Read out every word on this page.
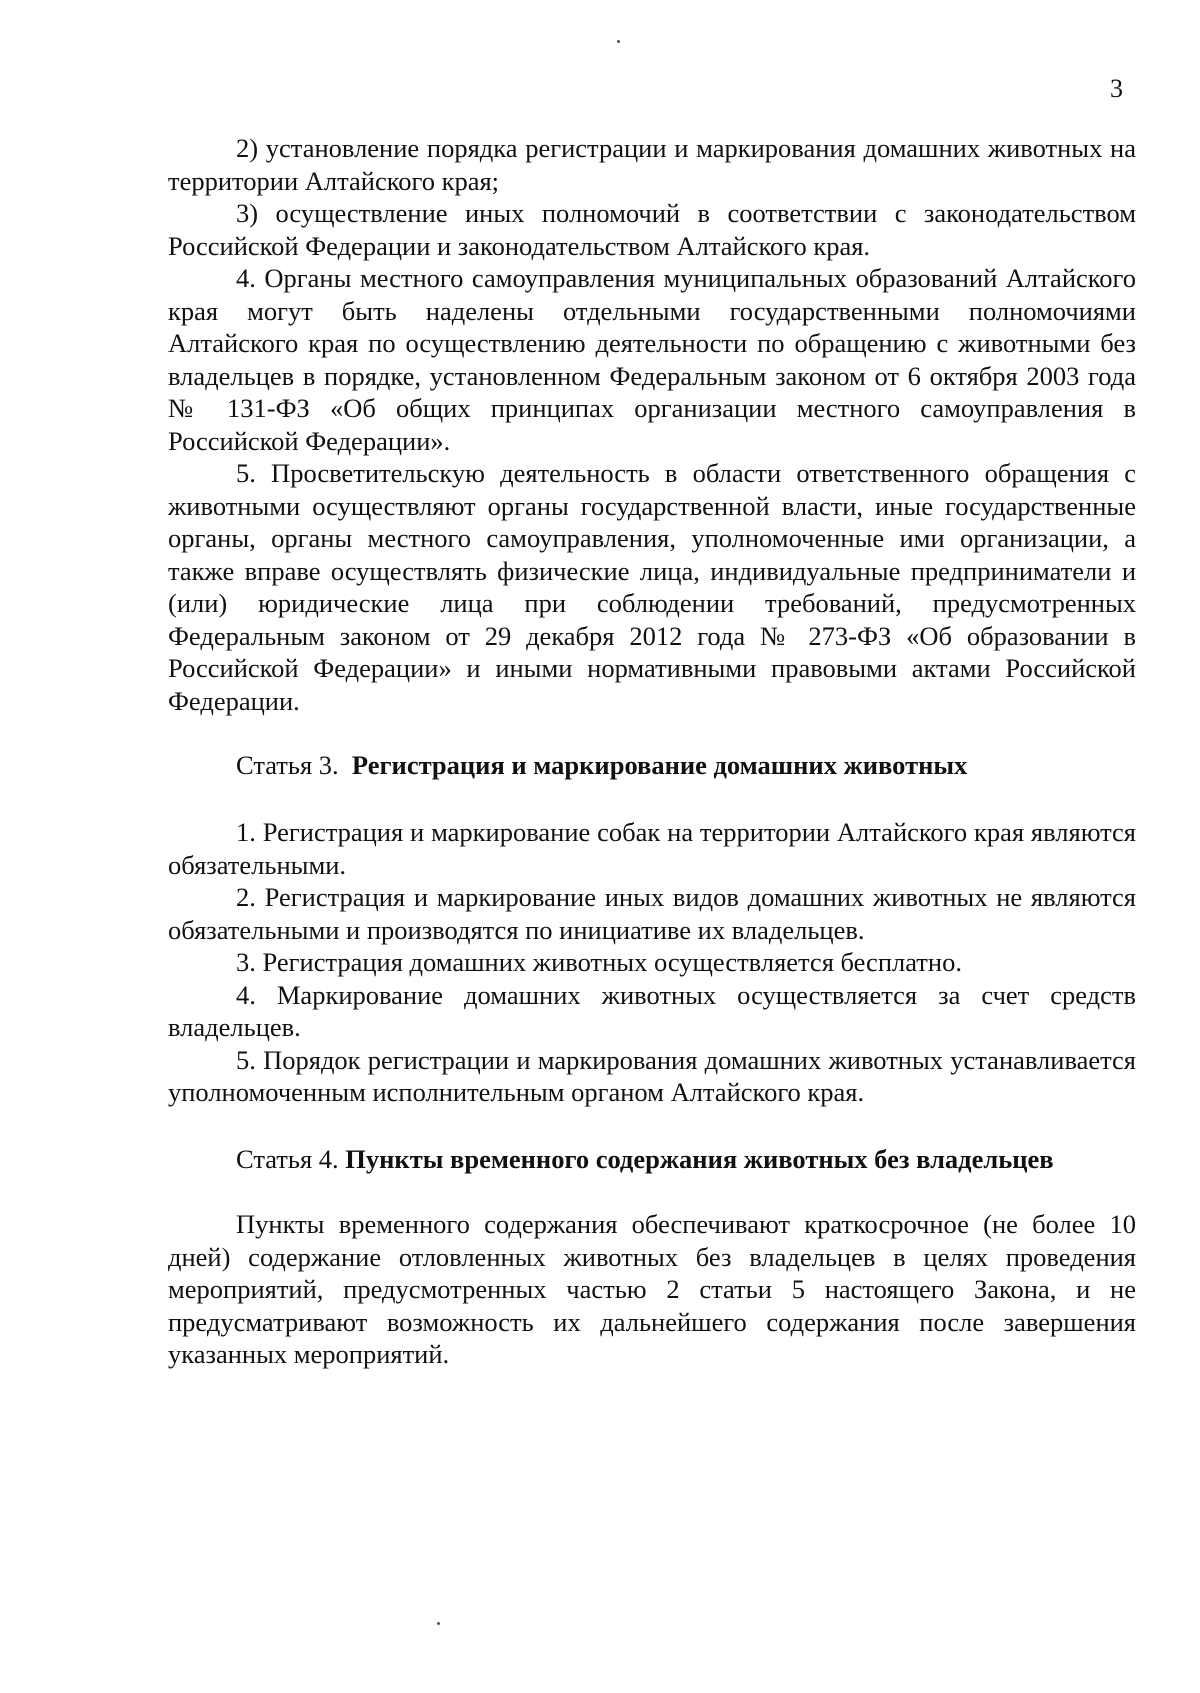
3

2) установление порядка регистрации и маркирования домашних животных на территории Алтайского края;

3) осуществление иных полномочий в соответствии с законодательством Российской Федерации и законодательством Алтайского края.

4. Органы местного самоуправления муниципальных образований Алтайского края могут быть наделены отдельными государственными полномочиями Алтайского края по осуществлению деятельности по обращению с животными без владельцев в порядке, установленном Федеральным законом от 6 октября 2003 года № 131-ФЗ «Об общих принципах организации местного самоуправления в Российской Федерации».

5. Просветительскую деятельность в области ответственного обращения с животными осуществляют органы государственной власти, иные государственные органы, органы местного самоуправления, уполномоченные ими организации, а также вправе осуществлять физические лица, индивидуальные предприниматели и (или) юридические лица при соблюдении требований, предусмотренных Федеральным законом от 29 декабря 2012 года № 273-ФЗ «Об образовании в Российской Федерации» и иными нормативными правовыми актами Российской Федерации.

Статья 3. Регистрация и маркирование домашних животных

1. Регистрация и маркирование собак на территории Алтайского края являются обязательными.

2. Регистрация и маркирование иных видов домашних животных не являются обязательными и производятся по инициативе их владельцев.

3. Регистрация домашних животных осуществляется бесплатно.

4. Маркирование домашних животных осуществляется за счет средств владельцев.

5. Порядок регистрации и маркирования домашних животных устанавливается уполномоченным исполнительным органом Алтайского края.

Статья 4. Пункты временного содержания животных без владельцев

Пункты временного содержания обеспечивают краткосрочное (не более 10 дней) содержание отловленных животных без владельцев в целях проведения мероприятий, предусмотренных частью 2 статьи 5 настоящего Закона, и не предусматривают возможность их дальнейшего содержания после завершения указанных мероприятий.
